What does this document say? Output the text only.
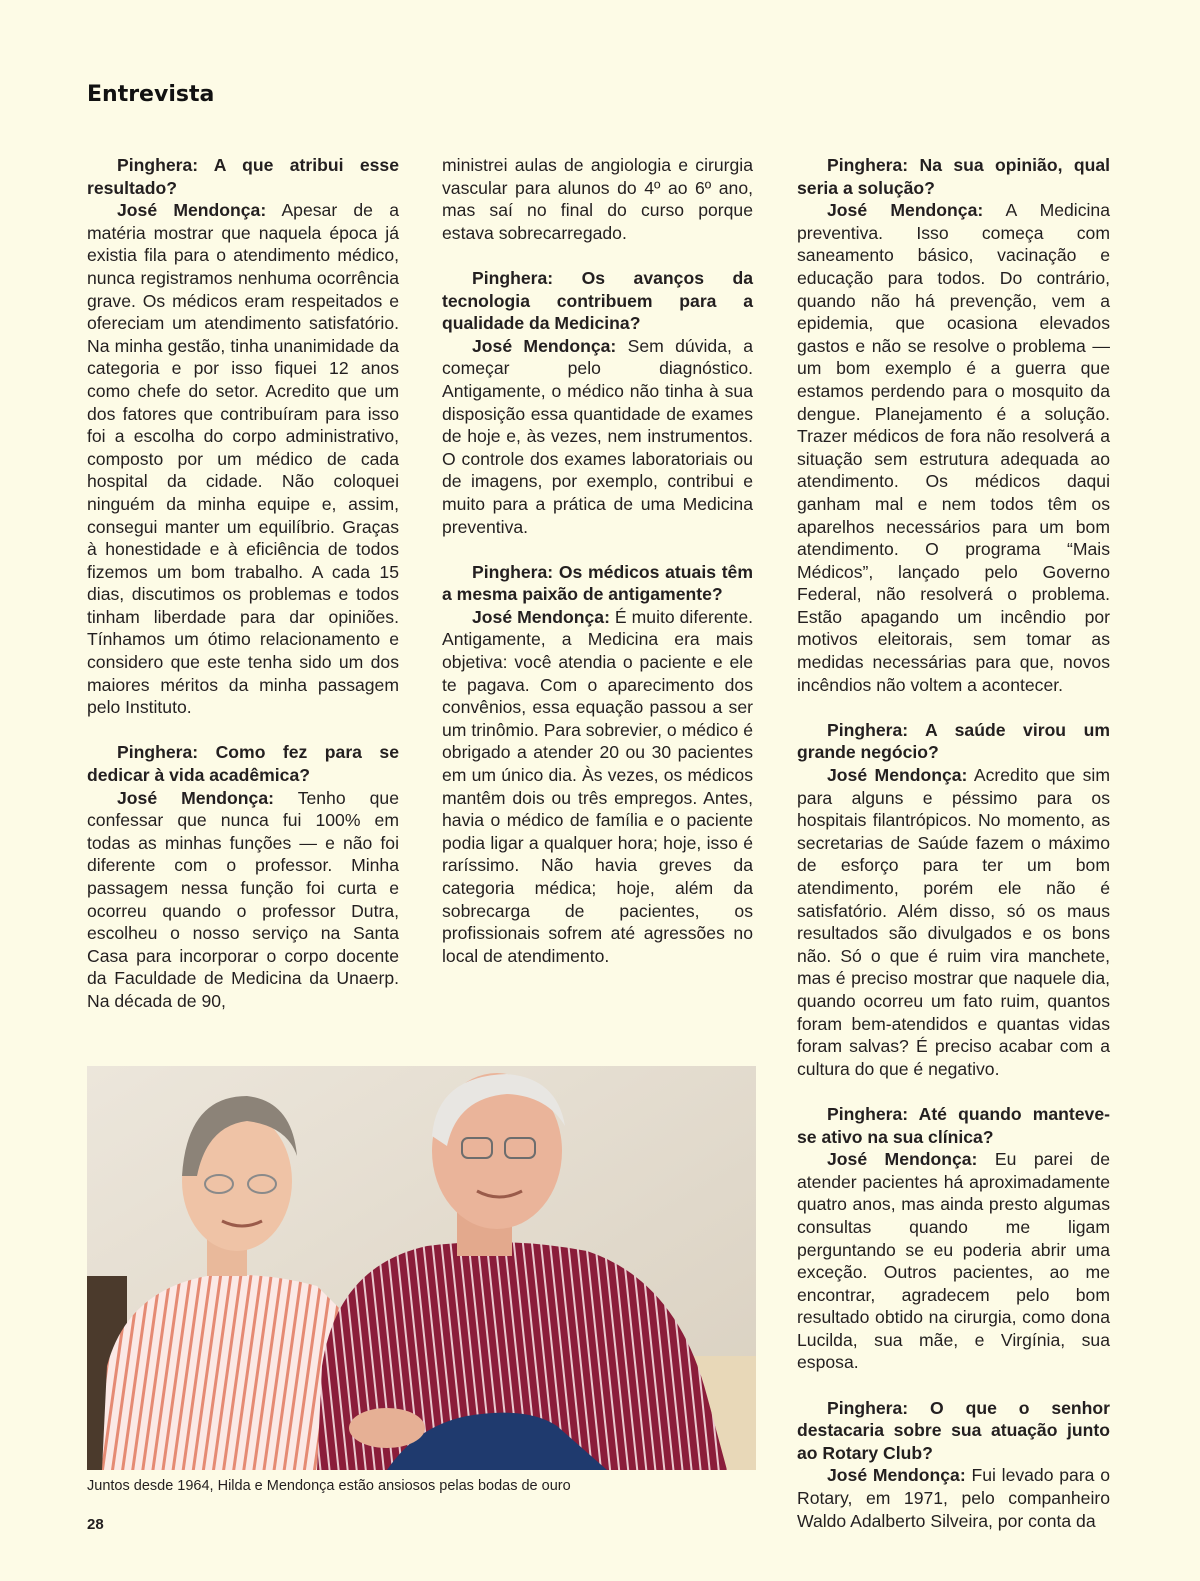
Entrevista

Pinghera: A que atribui esse resultado?
José Mendonça: Apesar de a matéria mostrar que naquela época já existia fila para o atendimento médico, nunca registramos nenhuma ocorrência grave. Os médicos eram respeitados e ofereciam um atendimento satisfatório. Na minha gestão, tinha unanimidade da categoria e por isso fiquei 12 anos como chefe do setor. Acredito que um dos fatores que contribuíram para isso foi a escolha do corpo administrativo, composto por um médico de cada hospital da cidade. Não coloquei ninguém da minha equipe e, assim, consegui manter um equilíbrio. Graças à honestidade e à eficiência de todos fizemos um bom trabalho. A cada 15 dias, discutimos os problemas e todos tinham liberdade para dar opiniões. Tínhamos um ótimo relacionamento e considero que este tenha sido um dos maiores méritos da minha passagem pelo Instituto.

Pinghera: Como fez para se dedicar à vida acadêmica?
José Mendonça: Tenho que confessar que nunca fui 100% em todas as minhas funções — e não foi diferente com o professor. Minha passagem nessa função foi curta e ocorreu quando o professor Dutra, escolheu o nosso serviço na Santa Casa para incorporar o corpo docente da Faculdade de Medicina da Unaerp. Na década de 90,

ministrei aulas de angiologia e cirurgia vascular para alunos do 4º ao 6º ano, mas saí no final do curso porque estava sobrecarregado.

Pinghera: Os avanços da tecnologia contribuem para a qualidade da Medicina?
José Mendonça: Sem dúvida, a começar pelo diagnóstico. Antigamente, o médico não tinha à sua disposição essa quantidade de exames de hoje e, às vezes, nem instrumentos. O controle dos exames laboratoriais ou de imagens, por exemplo, contribui e muito para a prática de uma Medicina preventiva.

Pinghera: Os médicos atuais têm a mesma paixão de antigamente?
José Mendonça: É muito diferente. Antigamente, a Medicina era mais objetiva: você atendia o paciente e ele te pagava. Com o aparecimento dos convênios, essa equação passou a ser um trinômio. Para sobrevier, o médico é obrigado a atender 20 ou 30 pacientes em um único dia. Às vezes, os médicos mantêm dois ou três empregos. Antes, havia o médico de família e o paciente podia ligar a qualquer hora; hoje, isso é raríssimo. Não havia greves da categoria médica; hoje, além da sobrecarga de pacientes, os profissionais sofrem até agressões no local de atendimento.

Pinghera: Na sua opinião, qual seria a solução?
José Mendonça: A Medicina preventiva. Isso começa com saneamento básico, vacinação e educação para todos. Do contrário, quando não há prevenção, vem a epidemia, que ocasiona elevados gastos e não se resolve o problema — um bom exemplo é a guerra que estamos perdendo para o mosquito da dengue. Planejamento é a solução. Trazer médicos de fora não resolverá a situação sem estrutura adequada ao atendimento. Os médicos daqui ganham mal e nem todos têm os aparelhos necessários para um bom atendimento. O programa “Mais Médicos”, lançado pelo Governo Federal, não resolverá o problema. Estão apagando um incêndio por motivos eleitorais, sem tomar as medidas necessárias para que, novos incêndios não voltem a acontecer.

Pinghera: A saúde virou um grande negócio?
José Mendonça: Acredito que sim para alguns e péssimo para os hospitais filantrópicos. No momento, as secretarias de Saúde fazem o máximo de esforço para ter um bom atendimento, porém ele não é satisfatório. Além disso, só os maus resultados são divulgados e os bons não. Só o que é ruim vira manchete, mas é preciso mostrar que naquele dia, quando ocorreu um fato ruim, quantos foram bem-atendidos e quantas vidas foram salvas? É preciso acabar com a cultura do que é negativo.

Pinghera: Até quando manteve-se ativo na sua clínica?
José Mendonça: Eu parei de atender pacientes há aproximadamente quatro anos, mas ainda presto algumas consultas quando me ligam perguntando se eu poderia abrir uma exceção. Outros pacientes, ao me encontrar, agradecem pelo bom resultado obtido na cirurgia, como dona Lucilda, sua mãe, e Virgínia, sua esposa.

Pinghera: O que o senhor destacaria sobre sua atuação junto ao Rotary Club?
José Mendonça: Fui levado para o Rotary, em 1971, pelo companheiro Waldo Adalberto Silveira, por conta da

Juntos desde 1964, Hilda e Mendonça estão ansiosos pelas bodas de ouro
28
